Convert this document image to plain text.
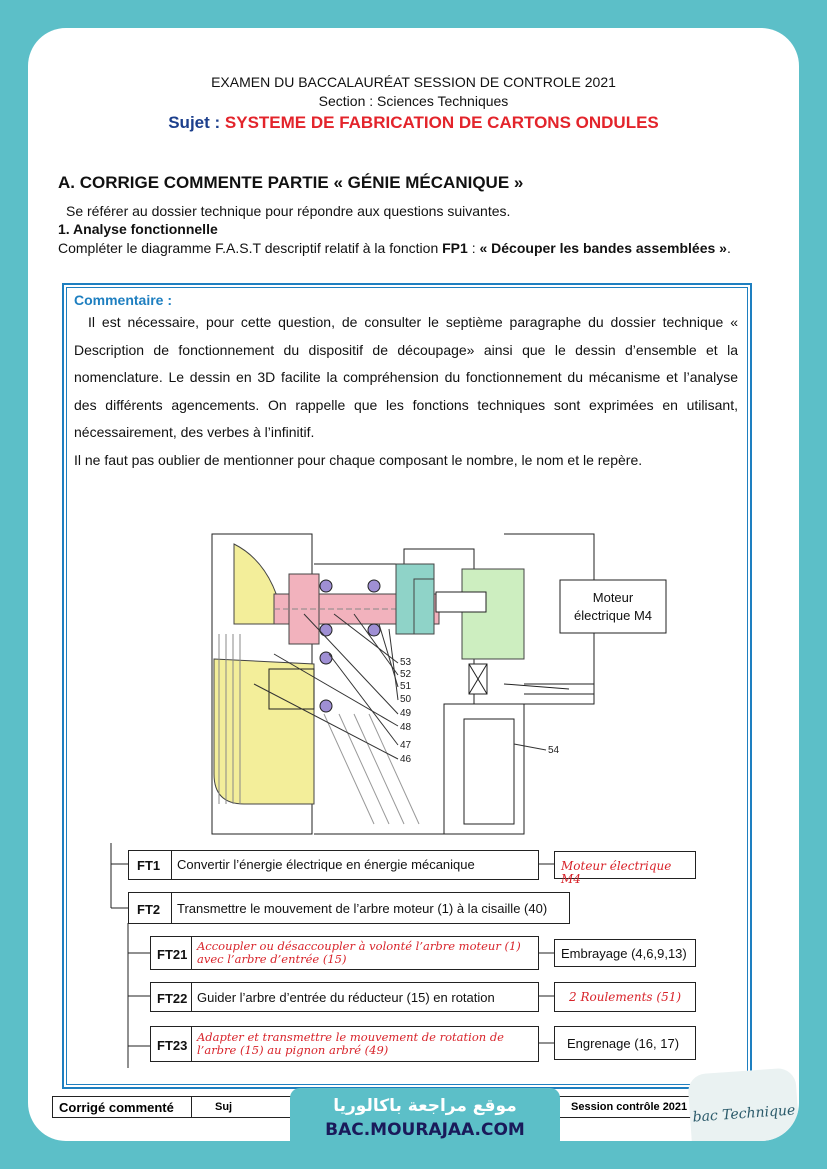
EXAMEN DU BACCALAURÉAT SESSION DE CONTROLE 2021
Section : Sciences Techniques
Sujet : SYSTEME DE FABRICATION DE CARTONS ONDULES
A. CORRIGE COMMENTE PARTIE « GÉNIE MÉCANIQUE »
Se référer au dossier technique pour répondre aux questions suivantes.
1. Analyse fonctionnelle
Compléter le diagramme F.A.S.T descriptif relatif à la fonction FP1 : « Découper les bandes assemblées ».
Commentaire :

Il est nécessaire, pour cette question, de consulter le septième paragraphe du dossier technique « Description de fonctionnement du dispositif de découpage» ainsi que le dessin d’ensemble et la nomenclature. Le dessin en 3D facilite la compréhension du fonctionnement du mécanisme et l’analyse des différents agencements. On rappelle que les fonctions techniques sont exprimées en utilisant, nécessairement, des verbes à l’infinitif.

Il ne faut pas oublier de mentionner pour chaque composant le nombre, le nom et le repère.

53
52
51
50
49
48
47
46
54
Moteur
électrique M4
FT1 Convertir l’énergie électrique en énergie mécanique	Moteur électrique M4
FT2 Transmettre le mouvement de l’arbre moteur (1) à la cisaille (40)
FT21
Accoupler ou désaccoupler à volonté l’arbre moteur (1)
avec l’arbre d’entrée (15)	Embrayage (4,6,9,13)
FT22 Guider l’arbre d’entrée du réducteur (15) en rotation	2 Roulements (51)
FT23
Adapter et transmettre le mouvement de rotation de
l’arbre (15) au pignon arbré (49)	Engrenage (16, 17)
Corrigé commenté	Suj	Session contrôle 2021
موقع مراجعة باكالوريا
BAC.MOURAJAA.COM
bac Technique
